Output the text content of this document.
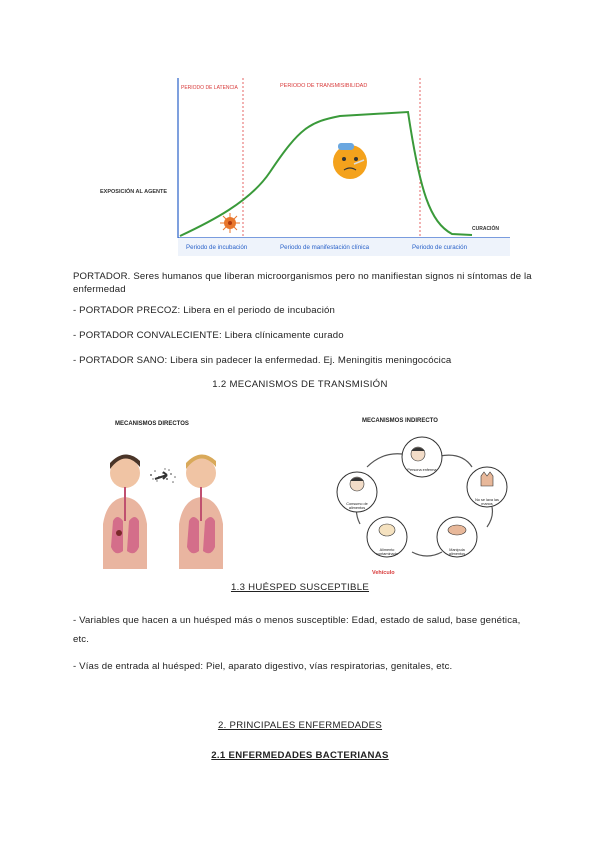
PERIODO DE LATENCIA	PERIODO DE TRANSMISIBILIDAD
EXPOSICIÓN AL AGENTE
CURACIÓN
Periodo de incubación	Periodo de manifestación clínica	Periodo de curación
PORTADOR. Seres humanos que liberan microorganismos pero no manifiestan signos ni síntomas de la enfermedad
- PORTADOR PRECOZ: Libera en el periodo de incubación
- PORTADOR CONVALECIENTE: Libera clínicamente curado
- PORTADOR SANO: Libera sin padecer la enfermedad. Ej. Meningitis meningocócica
1.2 MECANISMOS DE TRANSMISIÓN
MECANISMOS DIRECTOS	MECANISMOS INDIRECTO
Persona enferma
No se lava las manos
Manipula alimentos
Alimento contaminado
Consumo de alimentos
Vehículo
1.3 HUÉSPED SUSCEPTIBLE
- Variables que hacen a un huésped más o menos susceptible: Edad, estado de salud, base genética, etc.
- Vías de entrada al huésped: Piel, aparato digestivo, vías respiratorias, genitales, etc.
2. PRINCIPALES ENFERMEDADES
2.1 ENFERMEDADES BACTERIANAS
